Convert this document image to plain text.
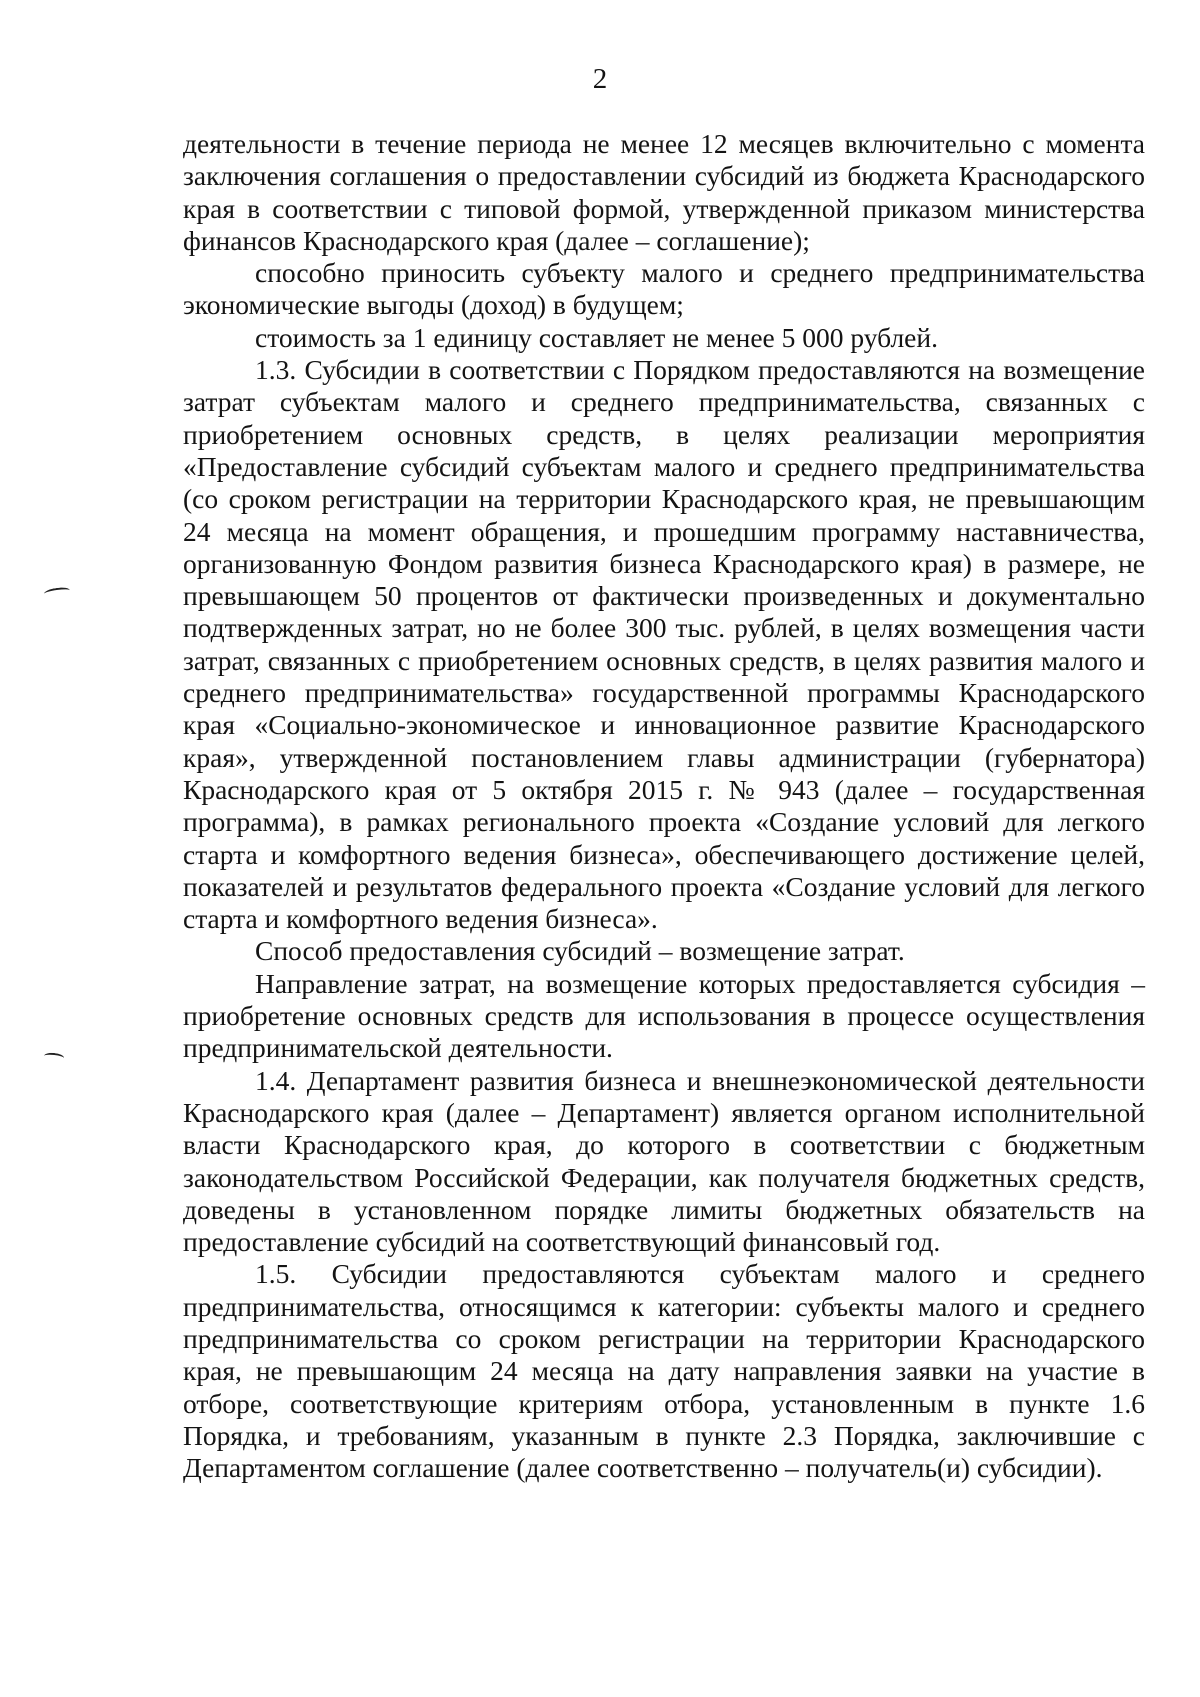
2

деятельности в течение периода не менее 12 месяцев включительно с момента заключения соглашения о предоставлении субсидий из бюджета Краснодарского края в соответствии с типовой формой, утвержденной приказом министерства финансов Краснодарского края (далее – соглашение);

способно приносить субъекту малого и среднего предпринимательства экономические выгоды (доход) в будущем;

стоимость за 1 единицу составляет не менее 5 000 рублей.

1.3. Субсидии в соответствии с Порядком предоставляются на возмещение затрат субъектам малого и среднего предпринимательства, связанных с приобретением основных средств, в целях реализации мероприятия «Предоставление субсидий субъектам малого и среднего предпринимательства (со сроком регистрации на территории Краснодарского края, не превышающим 24 месяца на момент обращения, и прошедшим программу наставничества, организованную Фондом развития бизнеса Краснодарского края) в размере, не превышающем 50 процентов от фактически произведенных и документально подтвержденных затрат, но не более 300 тыс. рублей, в целях возмещения части затрат, связанных с приобретением основных средств, в целях развития малого и среднего предпринимательства» государственной программы Краснодарского края «Социально-экономическое и инновационное развитие Краснодарского края», утвержденной постановлением главы администрации (губернатора) Краснодарского края от 5 октября 2015 г. № 943 (далее – государственная программа), в рамках регионального проекта «Создание условий для легкого старта и комфортного ведения бизнеса», обеспечивающего достижение целей, показателей и результатов федерального проекта «Создание условий для легкого старта и комфортного ведения бизнеса».

Способ предоставления субсидий – возмещение затрат.

Направление затрат, на возмещение которых предоставляется субсидия – приобретение основных средств для использования в процессе осуществления предпринимательской деятельности.

1.4. Департамент развития бизнеса и внешнеэкономической деятельности Краснодарского края (далее – Департамент) является органом исполнительной власти Краснодарского края, до которого в соответствии с бюджетным законодательством Российской Федерации, как получателя бюджетных средств, доведены в установленном порядке лимиты бюджетных обязательств на предоставление субсидий на соответствующий финансовый год.

1.5. Субсидии предоставляются субъектам малого и среднего предпринимательства, относящимся к категории: субъекты малого и среднего предпринимательства со сроком регистрации на территории Краснодарского края, не превышающим 24 месяца на дату направления заявки на участие в отборе, соответствующие критериям отбора, установленным в пункте 1.6 Порядка, и требованиям, указанным в пункте 2.3 Порядка, заключившие с Департаментом соглашение (далее соответственно – получатель(и) субсидии).
